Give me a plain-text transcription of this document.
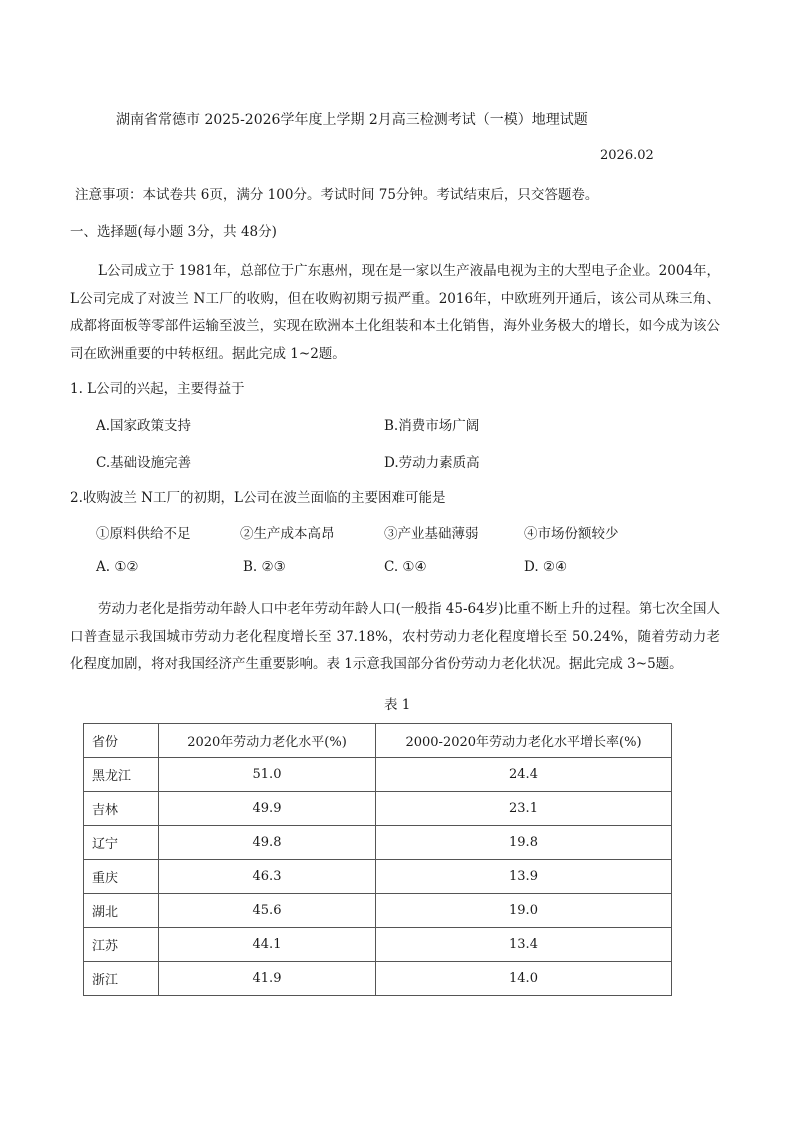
湖南省常德市 2025-2026学年度上学期 2月高三检测考试（一模）地理试题
2026.02
注意事项：本试卷共 6页，满分 100分。考试时间 75分钟。考试结束后，只交答题卷。
一、选择题(每小题 3分，共 48分)

L公司成立于 1981年，总部位于广东惠州，现在是一家以生产液晶电视为主的大型电子企业。2004年，L公司完成了对波兰 N工厂的收购，但在收购初期亏损严重。2016年，中欧班列开通后，该公司从珠三角、成都将面板等零部件运输至波兰，实现在欧洲本土化组装和本土化销售，海外业务极大的增长，如今成为该公司在欧洲重要的中转枢纽。据此完成 1~2题。

1. L公司的兴起，主要得益于
A.国家政策支持	B.消费市场广阔
C.基础设施完善	D.劳动力素质高
2.收购波兰 N工厂的初期，L公司在波兰面临的主要困难可能是
①原料供给不足	②生产成本高昂	③产业基础薄弱	④市场份额较少
A. ①②	B. ②③	C. ①④	D. ②④

劳动力老化是指劳动年龄人口中老年劳动年龄人口(一般指 45-64岁)比重不断上升的过程。第七次全国人口普查显示我国城市劳动力老化程度增长至 37.18%，农村劳动力老化程度增长至 50.24%，随着劳动力老化程度加剧，将对我国经济产生重要影响。表 1示意我国部分省份劳动力老化状况。据此完成 3~5题。

表 1
省份	2020年劳动力老化水平(%)	2000-2020年劳动力老化水平增长率(%)
黑龙江	51.0	24.4
吉林	49.9	23.1
辽宁	49.8	19.8
重庆	46.3	13.9
湖北	45.6	19.0
江苏	44.1	13.4
浙江	41.9	14.0
